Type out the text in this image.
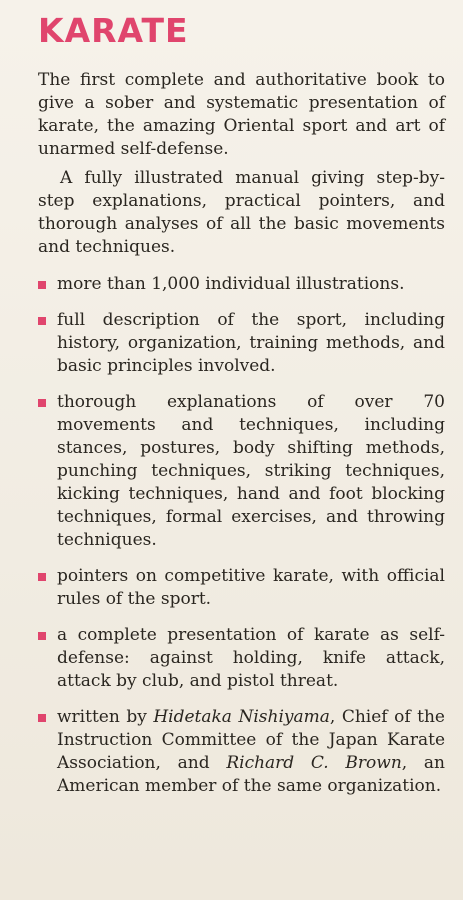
KARATE

The first complete and authoritative book to give a sober and systematic presentation of karate, the amazing Oriental sport and art of unarmed self-defense.

A fully illustrated manual giving step-by-step explanations, practical pointers, and thorough analyses of all the basic movements and techniques.

more than 1,000 individual illustrations.
full description of the sport, including history, organization, training methods, and basic principles involved.
thorough explanations of over 70 movements and techniques, including stances, postures, body shifting methods, punching techniques, striking techniques, kicking techniques, hand and foot blocking techniques, formal exercises, and throwing techniques.
pointers on competitive karate, with official rules of the sport.
a complete presentation of karate as self-defense: against holding, knife attack, attack by club, and pistol threat.
written by Hidetaka Nishiyama, Chief of the Instruction Committee of the Japan Karate Association, and Richard C. Brown, an American member of the same organization.
